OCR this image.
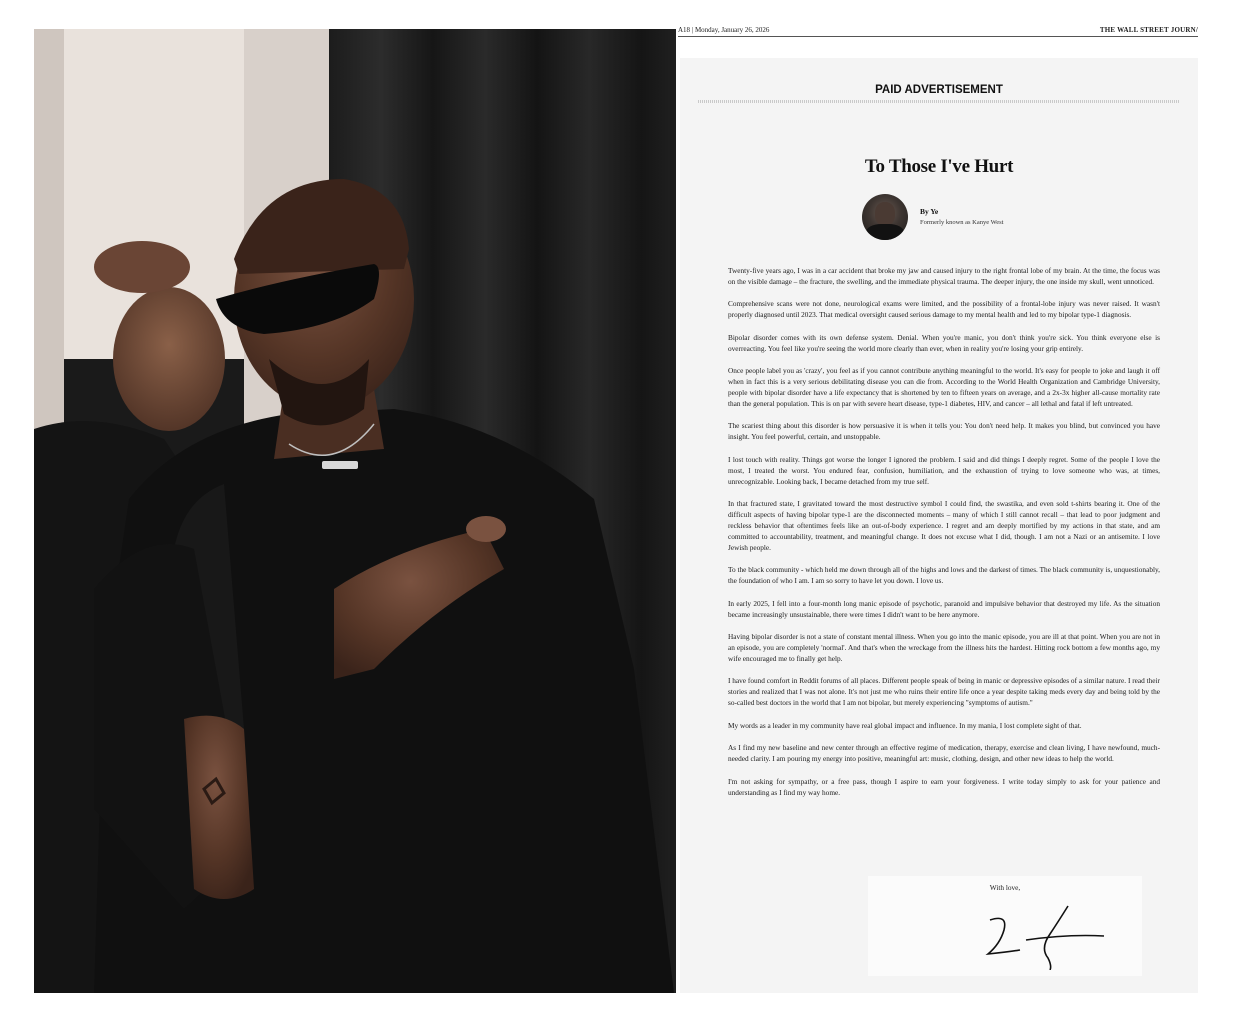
A18 | Monday, January 26, 2026	THE WALL STREET JOURN/
PAID ADVERTISEMENT
To Those I've Hurt
By Ye
Formerly known as Kanye West

Twenty-five years ago, I was in a car accident that broke my jaw and caused injury to the right frontal lobe of my brain. At the time, the focus was on the visible damage – the fracture, the swelling, and the immediate physical trauma. The deeper injury, the one inside my skull, went unnoticed.

Comprehensive scans were not done, neurological exams were limited, and the possibility of a frontal-lobe injury was never raised. It wasn't properly diagnosed until 2023. That medical oversight caused serious damage to my mental health and led to my bipolar type-1 diagnosis.

Bipolar disorder comes with its own defense system. Denial. When you're manic, you don't think you're sick. You think everyone else is overreacting. You feel like you're seeing the world more clearly than ever, when in reality you're losing your grip entirely.

Once people label you as 'crazy', you feel as if you cannot contribute anything meaningful to the world. It's easy for people to joke and laugh it off when in fact this is a very serious debilitating disease you can die from. According to the World Health Organization and Cambridge University, people with bipolar disorder have a life expectancy that is shortened by ten to fifteen years on average, and a 2x-3x higher all-cause mortality rate than the general population. This is on par with severe heart disease, type-1 diabetes, HIV, and cancer – all lethal and fatal if left untreated.

The scariest thing about this disorder is how persuasive it is when it tells you: You don't need help. It makes you blind, but convinced you have insight. You feel powerful, certain, and unstoppable.

I lost touch with reality. Things got worse the longer I ignored the problem. I said and did things I deeply regret. Some of the people I love the most, I treated the worst. You endured fear, confusion, humiliation, and the exhaustion of trying to love someone who was, at times, unrecognizable. Looking back, I became detached from my true self.

In that fractured state, I gravitated toward the most destructive symbol I could find, the swastika, and even sold t-shirts bearing it. One of the difficult aspects of having bipolar type-1 are the disconnected moments – many of which I still cannot recall – that lead to poor judgment and reckless behavior that oftentimes feels like an out-of-body experience. I regret and am deeply mortified by my actions in that state, and am committed to accountability, treatment, and meaningful change. It does not excuse what I did, though. I am not a Nazi or an antisemite. I love Jewish people.

To the black community - which held me down through all of the highs and lows and the darkest of times. The black community is, unquestionably, the foundation of who I am. I am so sorry to have let you down. I love us.

In early 2025, I fell into a four-month long manic episode of psychotic, paranoid and impulsive behavior that destroyed my life. As the situation became increasingly unsustainable, there were times I didn't want to be here anymore.

Having bipolar disorder is not a state of constant mental illness. When you go into the manic episode, you are ill at that point. When you are not in an episode, you are completely 'normal'. And that's when the wreckage from the illness hits the hardest. Hitting rock bottom a few months ago, my wife encouraged me to finally get help.

I have found comfort in Reddit forums of all places. Different people speak of being in manic or depressive episodes of a similar nature. I read their stories and realized that I was not alone. It's not just me who ruins their entire life once a year despite taking meds every day and being told by the so-called best doctors in the world that I am not bipolar, but merely experiencing "symptoms of autism."

My words as a leader in my community have real global impact and influence. In my mania, I lost complete sight of that.

As I find my new baseline and new center through an effective regime of medication, therapy, exercise and clean living, I have newfound, much-needed clarity. I am pouring my energy into positive, meaningful art: music, clothing, design, and other new ideas to help the world.

I'm not asking for sympathy, or a free pass, though I aspire to earn your forgiveness. I write today simply to ask for your patience and understanding as I find my way home.

With love,
